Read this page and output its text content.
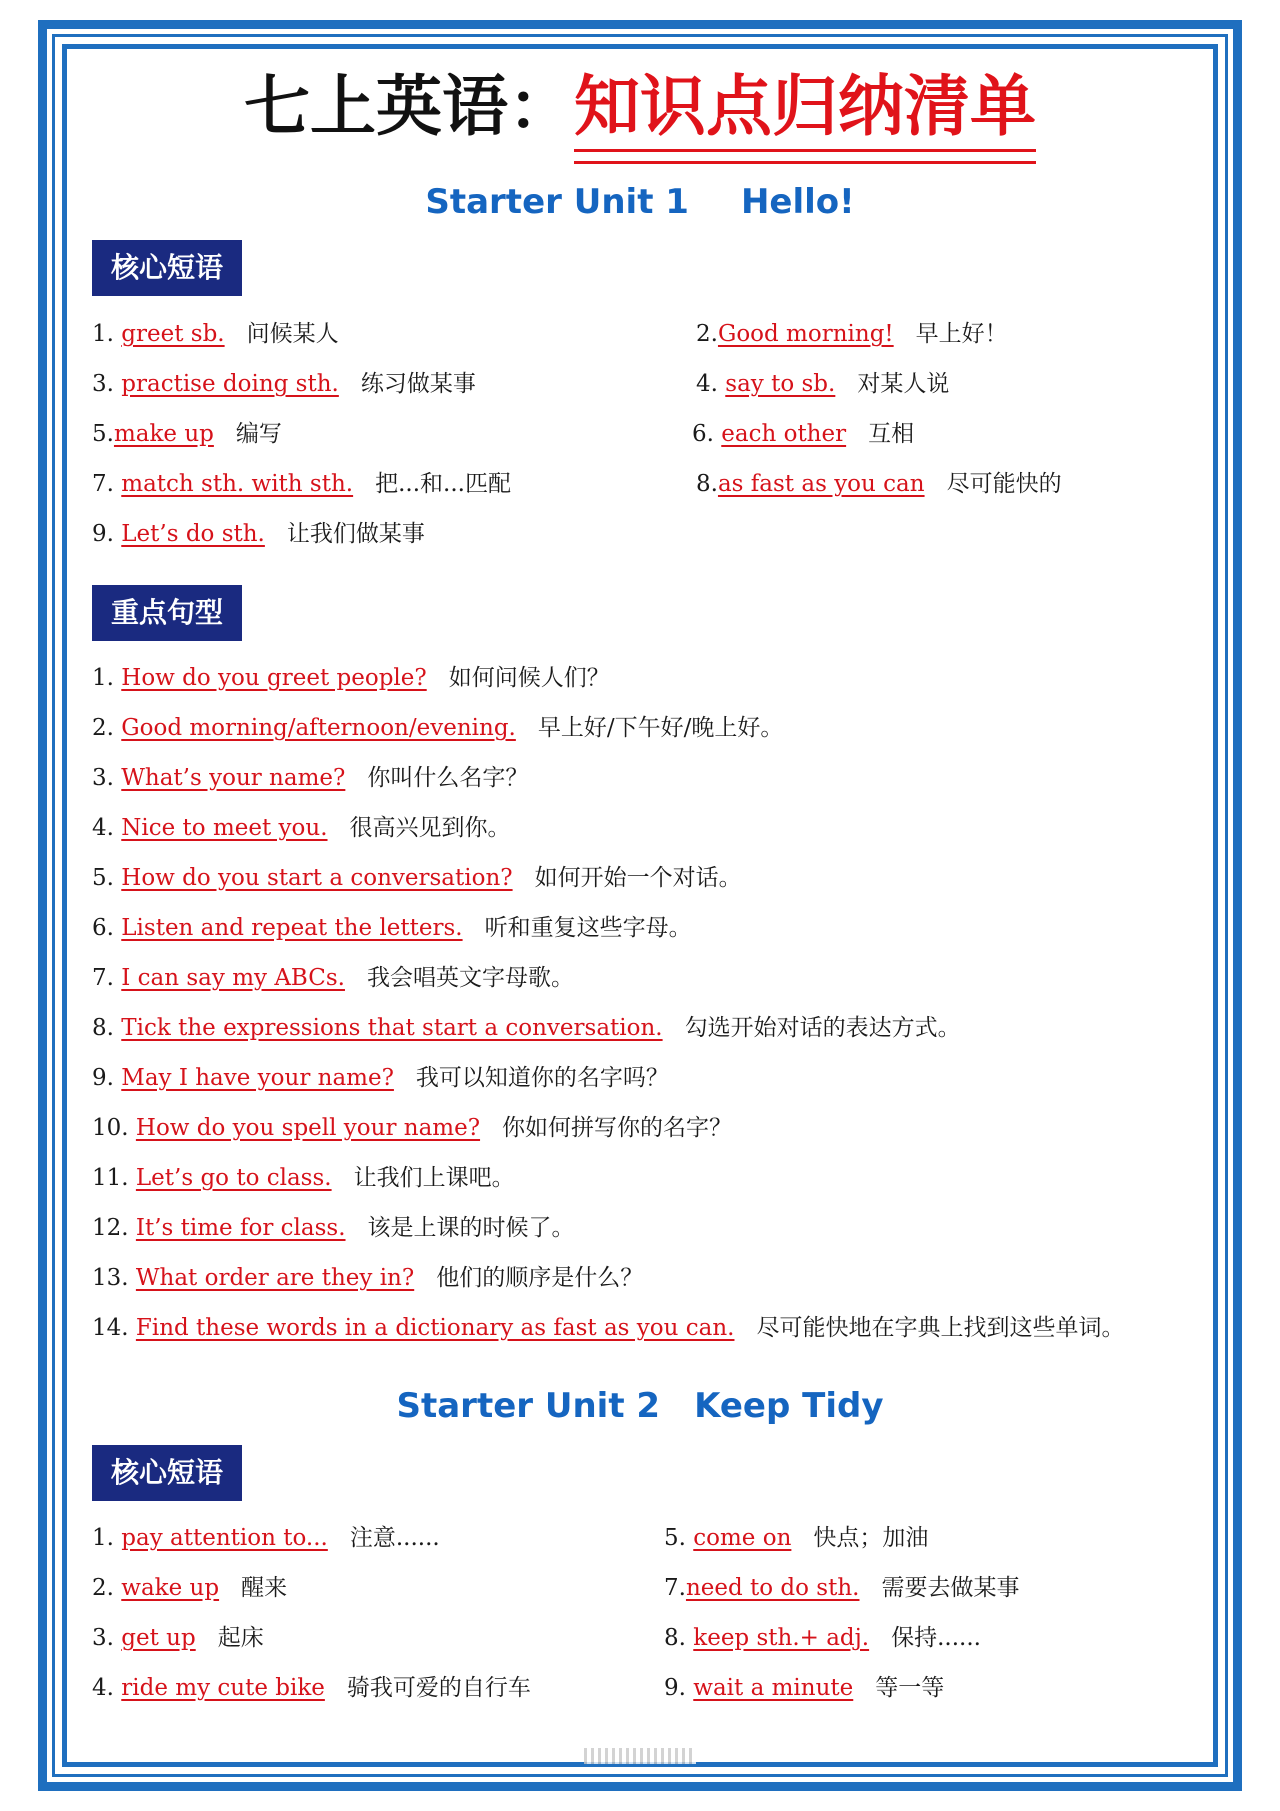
七上英语：知识点归纳清单
Starter Unit 1 Hello!
核心短语
1. greet sb. 问候某人	2.Good morning! 早上好！
3. practise doing sth. 练习做某事	4. say to sb. 对某人说
5.make up 编写	6. each other 互相
7. match sth. with sth. 把...和...匹配	8.as fast as you can 尽可能快的
9. Let’s do sth. 让我们做某事
重点句型
1. How do you greet people? 如何问候人们？
2. Good morning/afternoon/evening. 早上好/下午好/晚上好。
3. What’s your name? 你叫什么名字？
4. Nice to meet you. 很高兴见到你。
5. How do you start a conversation? 如何开始一个对话。
6. Listen and repeat the letters. 听和重复这些字母。
7. I can say my ABCs. 我会唱英文字母歌。
8. Tick the expressions that start a conversation. 勾选开始对话的表达方式。
9. May I have your name? 我可以知道你的名字吗？
10. How do you spell your name? 你如何拼写你的名字？
11. Let’s go to class. 让我们上课吧。
12. It’s time for class. 该是上课的时候了。
13. What order are they in? 他们的顺序是什么？
14. Find these words in a dictionary as fast as you can. 尽可能快地在字典上找到这些单词。
Starter Unit 2 Keep Tidy
核心短语
1. pay attention to... 注意......	5. come on 快点；加油
2. wake up 醒来	7.need to do sth. 需要去做某事
3. get up 起床	8. keep sth.+ adj. 保持......
4. ride my cute bike 骑我可爱的自行车	9. wait a minute 等一等
